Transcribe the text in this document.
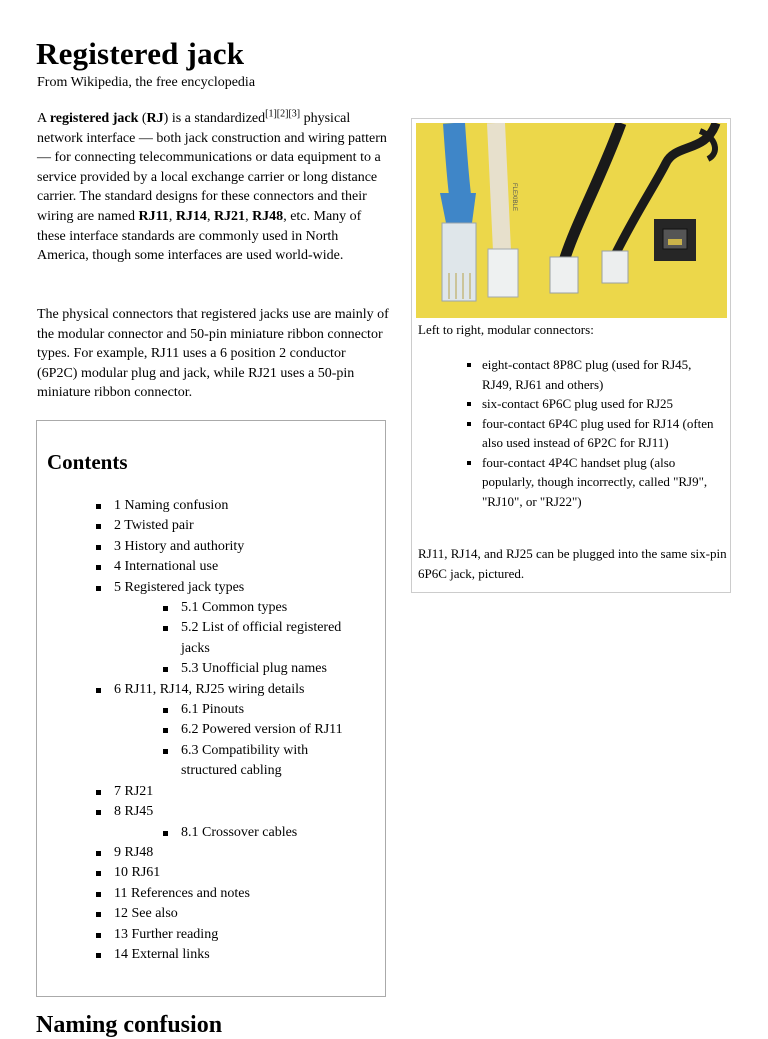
Registered jack
From Wikipedia, the free encyclopedia
A registered jack (RJ) is a standardized[1][2][3] physical network interface — both jack construction and wiring pattern — for connecting telecommunications or data equipment to a service provided by a local exchange carrier or long distance carrier. The standard designs for these connectors and their wiring are named RJ11, RJ14, RJ21, RJ48, etc. Many of these interface standards are commonly used in North America, though some interfaces are used world-wide.
The physical connectors that registered jacks use are mainly of the modular connector and 50-pin miniature ribbon connector types. For example, RJ11 uses a 6 position 2 conductor (6P2C) modular plug and jack, while RJ21 uses a 50-pin miniature ribbon connector.
Contents
1 Naming confusion
2 Twisted pair
3 History and authority
4 International use
5 Registered jack types
5.1 Common types
5.2 List of official registered jacks
5.3 Unofficial plug names
6 RJ11, RJ14, RJ25 wiring details
6.1 Pinouts
6.2 Powered version of RJ11
6.3 Compatibility with structured cabling
7 RJ21
8 RJ45
8.1 Crossover cables
9 RJ48
10 RJ61
11 References and notes
12 See also
13 Further reading
14 External links
FLEXIBLE
Left to right, modular connectors:
eight-contact 8P8C plug (used for RJ45, RJ49, RJ61 and others)
six-contact 6P6C plug used for RJ25
four-contact 6P4C plug used for RJ14 (often also used instead of 6P2C for RJ11)
four-contact 4P4C handset plug (also popularly, though incorrectly, called "RJ9", "RJ10", or "RJ22")
RJ11, RJ14, and RJ25 can be plugged into the same six-pin 6P6C jack, pictured.
Naming confusion
